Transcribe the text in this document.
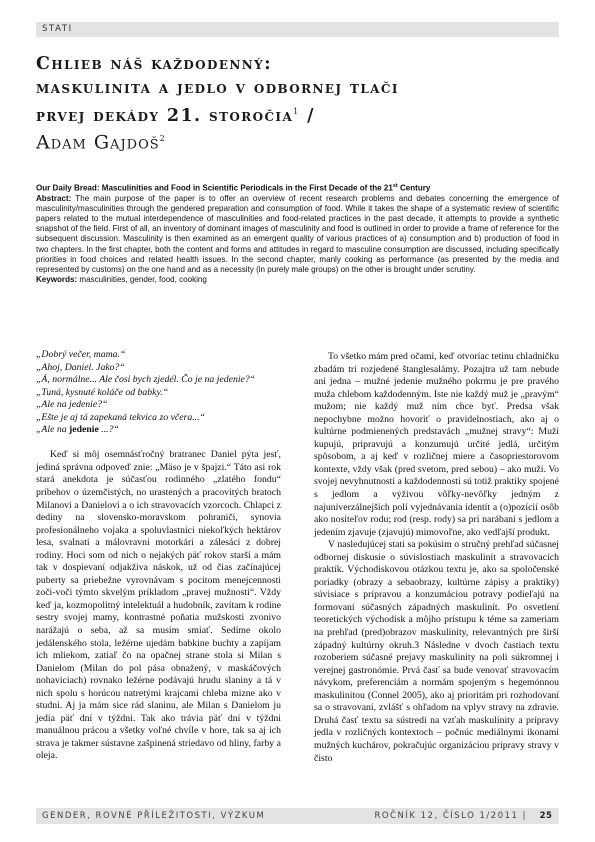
STATI
Chlieb náš každodenný:
maskulinita a jedlo v odbornej tlači
prvej dekády 21. storočia$^1$ /
Adam Gajdoš$^2$
Our Daily Bread: Masculinities and Food in Scientific Periodicals in the First Decade of the 21st Century
Abstract: The main purpose of the paper is to offer an overview of recent research problems and debates concerning the emergence of masculinity/masculinities through the gendered preparation and consumption of food. While it takes the shape of a systematic review of scientific papers related to the mutual interdependence of masculinities and food-related practices in the past decade, it attempts to provide a synthetic snapshot of the field. First of all, an inventory of dominant images of masculinity and food is outlined in order to provide a frame of reference for the subsequent discussion. Masculinity is then examined as an emergent quality of various practices of a) consumption and b) production of food in two chapters. In the first chapter, both the content and forms and attitudes in regard to masculine consumption are discussed, including specifically priorities in food choices and related health issues. In the second chapter, manly cooking as performance (as presented by the media and represented by customs) on the one hand and as a necessity (in purely male groups) on the other is brought under scrutiny.
Keywords: masculinities, gender, food, cooking

„Dobrý večer, mama.“

„Ahoj, Daniel. Jako?“

„Á, normálne... Ale čosi bych zjedél. Čo je na jedenie?“

„Tuná, kysnuté koláče od babky.“

„Ale na jedenie?“

„Ešte je aj tá zapekaná tekvica zo včera...“

„Ale na jedenie ...?“

Keď si môj osemnásťročný bratranec Daniel pýta jesť, jediná správna odpoveď znie: „Mäso je v špajzi.“ Táto asi rok stará anekdota je súčasťou rodinného „zlatého fondu“ príbehov o územčistých, no urastených a pracovitých bratoch Milanovi a Danielovi a o ich stravovacích vzorcoch. Chlapci z dediny na slovensko-moravskom pohraničí, synovia profesionálneho vojaka a spoluvlastníci niekoľkých hektárov lesa, svalnatí a málovravní motorkári a zálesáci z dobrej rodiny. Hoci som od nich o nejakých päť rokov starší a mám tak v dospievaní odjakživa náskok, už od čias začínajúcej puberty sa priebežne vyrovnávam s pocitom menejcennosti zoči-voči týmto skvelým príkladom „pravej mužnosti“. Vždy keď ja, kozmopolitný intelektuál a hudobník, zavítam k rodine sestry svojej mamy, kontrastné poňatia mužskosti zvonivo narážajú o seba, až sa musím smiať. Sedíme okolo jedálenského stola, ležérne ujedám babkine buchty a zapíjam ich mliekom, zatiaľ čo na opačnej strane stola si Milan s Danielom (Milan do pol pása obnažený, v maskáčových nohaviciach) rovnako ležérne podávajú hrudu slaniny a tá v nich spolu s horúcou natretými krajcami chleba mizne ako v studni. Aj ja mám sice rád slaninu, ale Milan s Danielom ju jedia päť dní v týždni. Tak ako trávia päť dní v týždni manuálnou prácou a všetky voľné chvíle v hore, tak sa aj ich strava je takmer sústavne zašpinená striedavo od hliny, farby a oleja.

To všetko mám pred očami, keď otvoríac tetinu chladničku zbadám tri rozjedené štanglesalámy. Pozajtra už tam nebude ani jedna – mužné jedenie mužného pokrmu je pre pravého muža chlebom každodenným. Iste nie každý muž je „pravým“ mužom; nie každý muž ním chce byť. Predsa však nepochybne možno hovoriť o pravidelnostiach, ako aj o kultúrne podmienených predstavách „mužnej stravy“: Muži kupujú, pripravujú a konzumujú určité jedlá, určitým spôsobom, a aj keď v rozličnej miere a časopriestorovom kontexte, vždy však (pred svetom, pred sebou) – ako muži. Vo svojej nevyhnutnosti a každodennosti sú totiž praktiky spojené s jedlom a výživou vôľky-nevôľky jedným z najuniverzálnejších polí vyjednávania identít a (o)pozícií osôb ako nositeľov rodu; rod (resp. rody) sa pri narábaní s jedlom a jedením zjavuje (zjavujú) mimovoľne, ako vedľajší produkt.

V nasledujúcej stati sa pokúsim o stručný prehľad súčasnej odbornej diskusie o súvislostiach maskulinít a stravovacích praktík. Východiskovou otázkou textu je, ako sa spoločenské poriadky (obrazy a sebaobrazy, kultúrne zápisy a praktiky) súvisiace s prípravou a konzumáciou potravy podieľajú na formovaní súčasných západných maskulinít. Po osvetlení teoretických východísk a môjho prístupu k téme sa zameriam na prehľad (pred)obrazov maskulinity, relevantných pre širší západný kultúrny okruh.3 Následne v dvoch častiach textu rozoberiem súčasné prejavy maskulinity na poli súkromnej i verejnej gastronómie. Prvá časť sa bude venovať stravovacím návykom, preferenciám a normám spojeným s hegemónnou maskulinitou (Connel 2005), ako aj prioritám pri rozhodovaní sa o stravovaní, zvlášť s ohľadom na vplyv stravy na zdravie. Druhá časť textu sa sústredí na vzťah maskulinity a prípravy jedla v rozličných kontextoch – počnúc mediálnymi ikonami mužných kuchárov, pokračujúc organizáciou prípravy stravy v čisto

GENDER, ROVNÉ PŘÍLEŽITOSTI, VÝZKUM	ROČNÍK 12, ČÍSLO 1/2011 |	25
